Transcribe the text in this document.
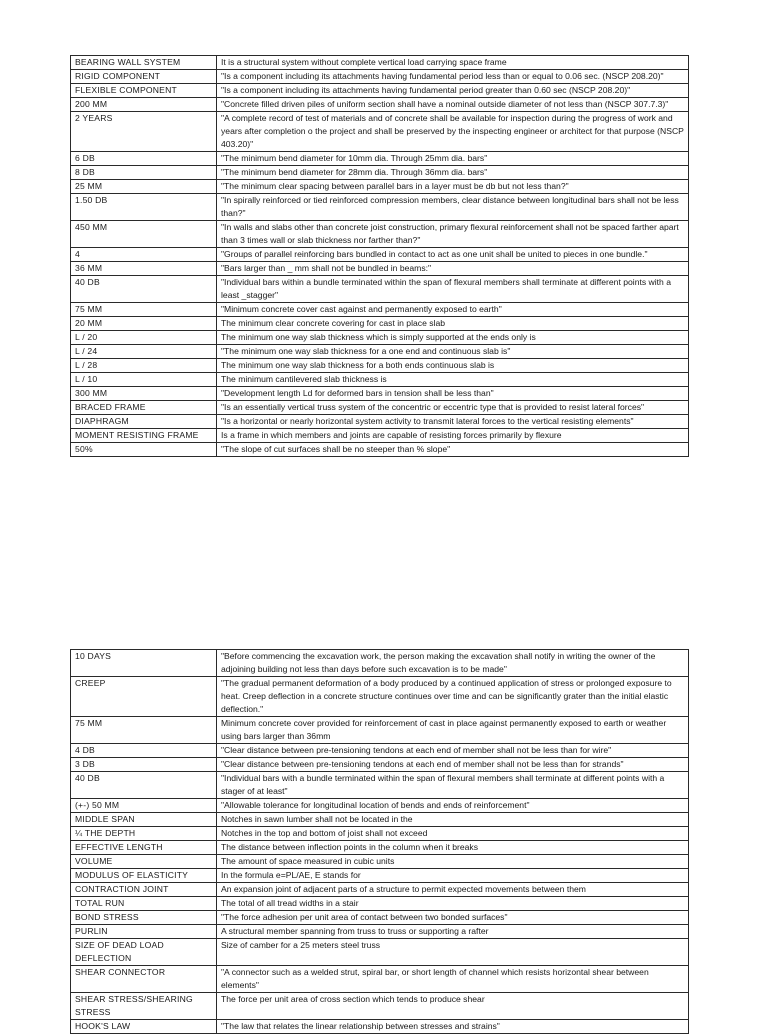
BEARING WALL SYSTEM	It is a structural system without complete vertical load carrying space frame
RIGID COMPONENT	"Is a component including its attachments having fundamental period less than or equal to 0.06 sec. (NSCP 208.20)"
FLEXIBLE COMPONENT	"Is a component including its attachments having fundamental period greater than 0.60 sec (NSCP 208.20)"
200 MM	"Concrete filled driven piles of uniform section shall have a nominal outside diameter of not less than (NSCP 307.7.3)"
2 YEARS	"A complete record of test of materials and of concrete shall be available for inspection during the progress of work and years after completion o the project and shall be preserved by the inspecting engineer or architect for that purpose (NSCP 403.20)"
6 DB	"The minimum bend diameter for 10mm dia. Through 25mm dia. bars"
8 DB	"The minimum bend diameter for 28mm dia. Through 36mm dia. bars"
25 MM	"The minimum clear spacing between parallel bars in a layer must be db but not less than?"
1.50 DB	"In spirally reinforced or tied reinforced compression members, clear distance between longitudinal bars shall not be less than?"
450 MM	"In walls and slabs other than concrete joist construction, primary flexural reinforcement shall not be spaced farther apart than 3 times wall or slab thickness nor farther than?"
4	"Groups of parallel reinforcing bars bundled in contact to act as one unit shall be united to pieces in one bundle."
36 MM	"Bars larger than _ mm shall not be bundled in beams:"
40 DB	"Individual bars within a bundle terminated within the span of flexural members shall terminate at different points with a least _stagger"
75 MM	"Minimum concrete cover cast against and permanently exposed to earth"
20 MM	The minimum clear concrete covering for cast in place slab
L / 20	The minimum one way slab thickness which is simply supported at the ends only is
L / 24	"The minimum one way slab thickness for a one end and continuous slab is"
L / 28	The minimum one way slab thickness for a both ends continuous slab is
L / 10	The minimum cantilevered slab thickness is
300 MM	"Development length Ld for deformed bars in tension shall be less than"
BRACED FRAME	"Is an essentially vertical truss system of the concentric or eccentric type that is provided to resist lateral forces"
DIAPHRAGM	"Is a horizontal or nearly horizontal system activity to transmit lateral forces to the vertical resisting elements"
MOMENT RESISTING FRAME	Is a frame in which members and joints are capable of resisting forces primarily by flexure
50%	"The slope of cut surfaces shall be no steeper than % slope"
10 DAYS	"Before commencing the excavation work, the person making the excavation shall notify in writing the owner of the adjoining building not less than days before such excavation is to be made"
CREEP	"The gradual permanent deformation of a body produced by a continued application of stress or prolonged exposure to heat. Creep deflection in a concrete structure continues over time and can be significantly grater than the initial elastic deflection."
75 MM	Minimum concrete cover provided for reinforcement of cast in place against permanently exposed to earth or weather using bars larger than 36mm
4 DB	"Clear distance between pre-tensioning tendons at each end of member shall not be less than for wire"
3 DB	"Clear distance between pre-tensioning tendons at each end of member shall not be less than for strands"
40 DB	"Individual bars with a bundle terminated within the span of flexural members shall terminate at different points with a stager of at least"
(+-) 50 MM	"Allowable tolerance for longitudinal location of bends and ends of reinforcement"
MIDDLE SPAN	Notches in sawn lumber shall not be located in the
¼ THE DEPTH	Notches in the top and bottom of joist shall not exceed
EFFECTIVE LENGTH	The distance between inflection points in the column when it breaks
VOLUME	The amount of space measured in cubic units
MODULUS OF ELASTICITY	In the formula e=PL/AE, E stands for
CONTRACTION JOINT	An expansion joint of adjacent parts of a structure to permit expected movements between them
TOTAL RUN	The total of all tread widths in a stair
BOND STRESS	"The force adhesion per unit area of contact between two bonded surfaces"
PURLIN	A structural member spanning from truss to truss or supporting a rafter
SIZE OF DEAD LOAD DEFLECTION	Size of camber for a 25 meters steel truss
SHEAR CONNECTOR	"A connector such as a welded strut, spiral bar, or short length of channel which resists horizontal shear between elements"
SHEAR STRESS/SHEARING STRESS	The force per unit area of cross section which tends to produce shear
HOOK'S LAW	"The law that relates the linear relationship between stresses and strains"
